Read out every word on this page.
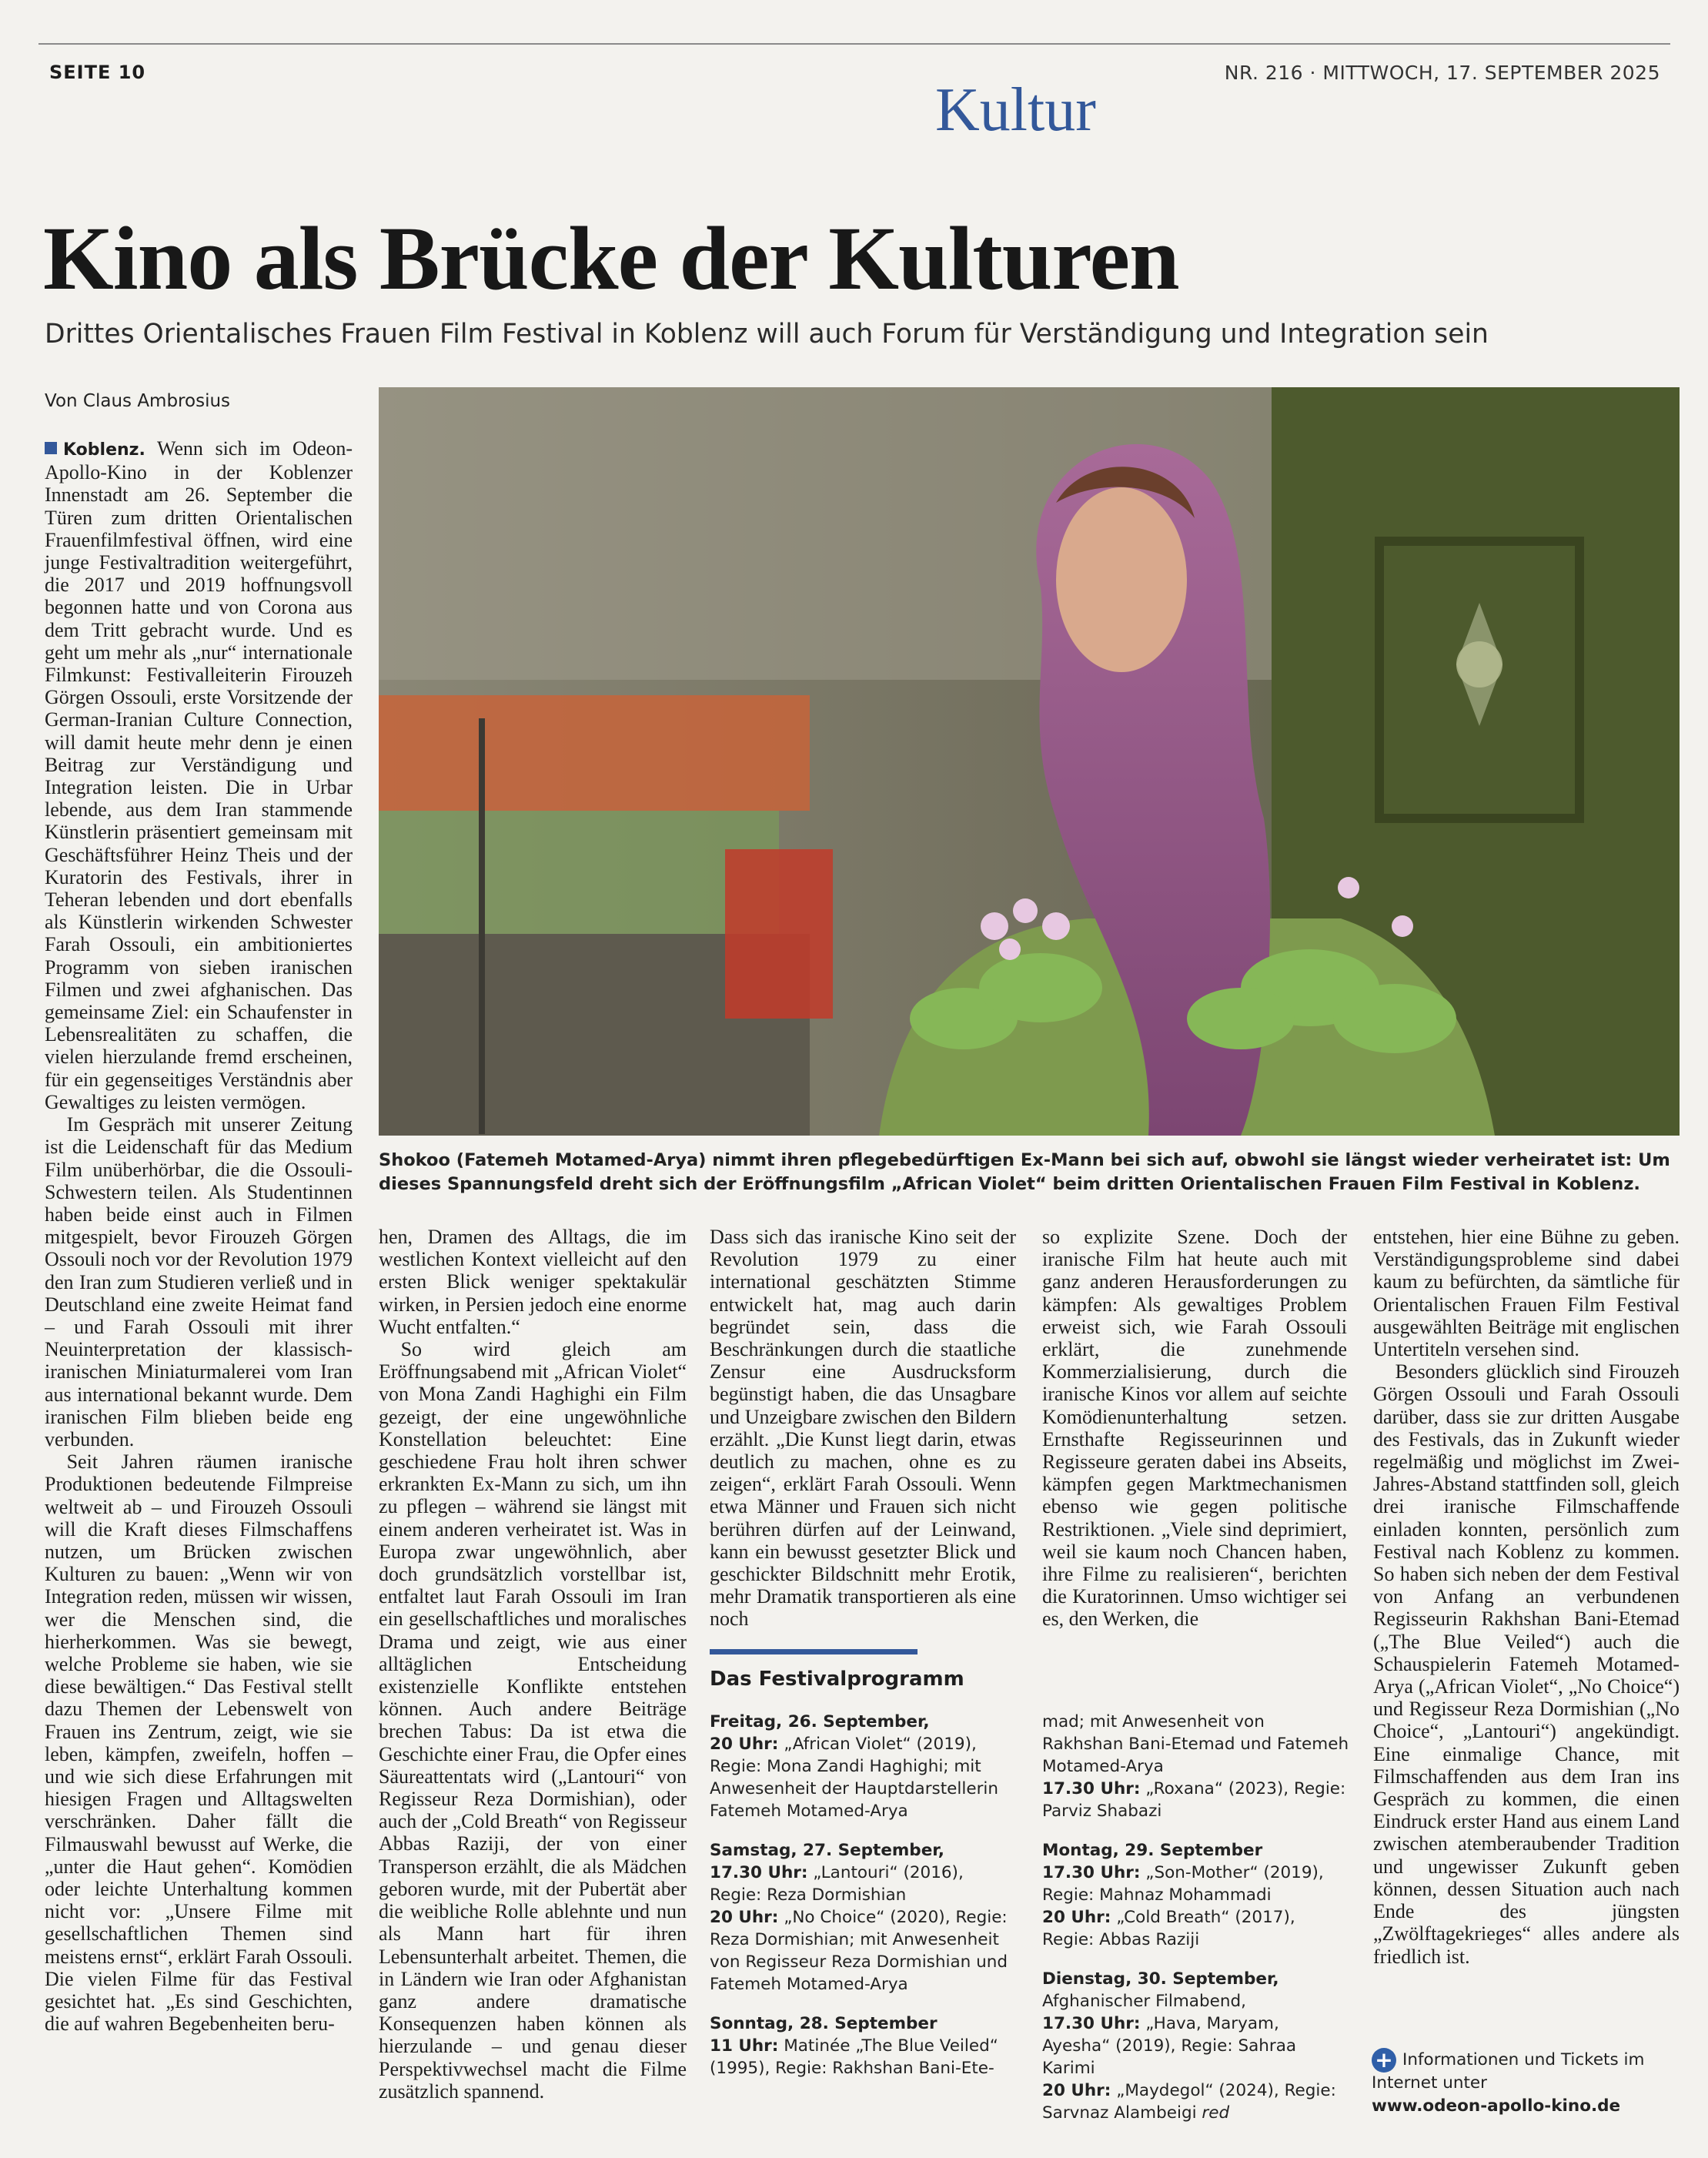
SEITE 10	NR. 216 · MITTWOCH, 17. SEPTEMBER 2025
Kultur
Kino als Brücke der Kulturen
Drittes Orientalisches Frauen Film Festival in Koblenz will auch Forum für Verständigung und Integration sein
Von Claus Ambrosius
Shokoo (Fatemeh Motamed-Arya) nimmt ihren pflegebedürftigen Ex-Mann bei sich auf, obwohl sie längst wieder verheiratet ist: Um dieses Spannungsfeld dreht sich der Eröffnungsfilm „African Violet“ beim dritten Orientalischen Frauen Film Festival in Koblenz.

Koblenz. Wenn sich im Odeon-Apollo-Kino in der Koblenzer Innenstadt am 26. September die Türen zum dritten Orientalischen Frauenfilmfestival öffnen, wird eine junge Festivaltradition weitergeführt, die 2017 und 2019 hoffnungsvoll begonnen hatte und von Corona aus dem Tritt gebracht wurde. Und es geht um mehr als „nur“ internationale Filmkunst: Festivalleiterin Firouzeh Görgen Ossouli, erste Vorsitzende der German-Iranian Culture Connection, will damit heute mehr denn je einen Beitrag zur Verständigung und Integration leisten. Die in Urbar lebende, aus dem Iran stammende Künstlerin präsentiert gemeinsam mit Geschäftsführer Heinz Theis und der Kuratorin des Festivals, ihrer in Teheran lebenden und dort ebenfalls als Künstlerin wirkenden Schwester Farah Ossouli, ein ambitioniertes Programm von sieben iranischen Filmen und zwei afghanischen. Das gemeinsame Ziel: ein Schaufenster in Lebensrealitäten zu schaffen, die vielen hierzulande fremd erscheinen, für ein gegenseitiges Verständnis aber Gewaltiges zu leisten vermögen.

Im Gespräch mit unserer Zeitung ist die Leidenschaft für das Medium Film unüberhörbar, die die Ossouli-Schwestern teilen. Als Studentinnen haben beide einst auch in Filmen mitgespielt, bevor Firouzeh Görgen Ossouli noch vor der Revolution 1979 den Iran zum Studieren verließ und in Deutschland eine zweite Heimat fand – und Farah Ossouli mit ihrer Neuinterpretation der klassisch-iranischen Miniaturmalerei vom Iran aus international bekannt wurde. Dem iranischen Film blieben beide eng verbunden.

Seit Jahren räumen iranische Produktionen bedeutende Filmpreise weltweit ab – und Firouzeh Ossouli will die Kraft dieses Filmschaffens nutzen, um Brücken zwischen Kulturen zu bauen: „Wenn wir von Integration reden, müssen wir wissen, wer die Menschen sind, die hierherkommen. Was sie bewegt, welche Probleme sie haben, wie sie diese bewältigen.“ Das Festival stellt dazu Themen der Lebenswelt von Frauen ins Zentrum, zeigt, wie sie leben, kämpfen, zweifeln, hoffen – und wie sich diese Erfahrungen mit hiesigen Fragen und Alltagswelten verschränken. Daher fällt die Filmauswahl bewusst auf Werke, die „unter die Haut gehen“. Komödien oder leichte Unterhaltung kommen nicht vor: „Unsere Filme mit gesellschaftlichen Themen sind meistens ernst“, erklärt Farah Ossouli. Die vielen Filme für das Festival gesichtet hat. „Es sind Geschichten, die auf wahren Begebenheiten beru-

hen, Dramen des Alltags, die im westlichen Kontext vielleicht auf den ersten Blick weniger spektakulär wirken, in Persien jedoch eine enorme Wucht entfalten.“

So wird gleich am Eröffnungsabend mit „African Violet“ von Mona Zandi Haghighi ein Film gezeigt, der eine ungewöhnliche Konstellation beleuchtet: Eine geschiedene Frau holt ihren schwer erkrankten Ex-Mann zu sich, um ihn zu pflegen – während sie längst mit einem anderen verheiratet ist. Was in Europa zwar ungewöhnlich, aber doch grundsätzlich vorstellbar ist, entfaltet laut Farah Ossouli im Iran ein gesellschaftliches und moralisches Drama und zeigt, wie aus einer alltäglichen Entscheidung existenzielle Konflikte entstehen können. Auch andere Beiträge brechen Tabus: Da ist etwa die Geschichte einer Frau, die Opfer eines Säureattentats wird („Lantouri“ von Regisseur Reza Dormishian), oder auch der „Cold Breath“ von Regisseur Abbas Raziji, der von einer Transperson erzählt, die als Mädchen geboren wurde, mit der Pubertät aber die weibliche Rolle ablehnte und nun als Mann hart für ihren Lebensunterhalt arbeitet. Themen, die in Ländern wie Iran oder Afghanistan ganz andere dramatische Konsequenzen haben können als hierzulande – und genau dieser Perspektivwechsel macht die Filme zusätzlich spannend.

Dass sich das iranische Kino seit der Revolution 1979 zu einer international geschätzten Stimme entwickelt hat, mag auch darin begründet sein, dass die Beschränkungen durch die staatliche Zensur eine Ausdrucksform begünstigt haben, die das Unsagbare und Unzeigbare zwischen den Bildern erzählt. „Die Kunst liegt darin, etwas deutlich zu machen, ohne es zu zeigen“, erklärt Farah Ossouli. Wenn etwa Männer und Frauen sich nicht berühren dürfen auf der Leinwand, kann ein bewusst gesetzter Blick und geschickter Bildschnitt mehr Erotik, mehr Dramatik transportieren als eine noch

so explizite Szene. Doch der iranische Film hat heute auch mit ganz anderen Herausforderungen zu kämpfen: Als gewaltiges Problem erweist sich, wie Farah Ossouli erklärt, die zunehmende Kommerzialisierung, durch die iranische Kinos vor allem auf seichte Komödienunterhaltung setzen. Ernsthafte Regisseurinnen und Regisseure geraten dabei ins Abseits, kämpfen gegen Marktmechanismen ebenso wie gegen politische Restriktionen. „Viele sind deprimiert, weil sie kaum noch Chancen haben, ihre Filme zu realisieren“, berichten die Kuratorinnen. Umso wichtiger sei es, den Werken, die

entstehen, hier eine Bühne zu geben. Verständigungsprobleme sind dabei kaum zu befürchten, da sämtliche für Orientalischen Frauen Film Festival ausgewählten Beiträge mit englischen Untertiteln versehen sind.

Besonders glücklich sind Firouzeh Görgen Ossouli und Farah Ossouli darüber, dass sie zur dritten Ausgabe des Festivals, das in Zukunft wieder regelmäßig und möglichst im Zwei-Jahres-Abstand stattfinden soll, gleich drei iranische Filmschaffende einladen konnten, persönlich zum Festival nach Koblenz zu kommen. So haben sich neben der dem Festival von Anfang an verbundenen Regisseurin Rakhshan Bani-Etemad („The Blue Veiled“) auch die Schauspielerin Fatemeh Motamed-Arya („African Violet“, „No Choice“) und Regisseur Reza Dormishian („No Choice“, „Lantouri“) angekündigt. Eine einmalige Chance, mit Filmschaffenden aus dem Iran ins Gespräch zu kommen, die einen Eindruck erster Hand aus einem Land zwischen atemberaubender Tradition und ungewisser Zukunft geben können, dessen Situation auch nach Ende des jüngsten „Zwölftagekrieges“ alles andere als friedlich ist.

Das Festivalprogramm
Freitag, 26. September,
20 Uhr: „African Violet“ (2019), Regie: Mona Zandi Haghighi; mit Anwesenheit der Hauptdarstellerin Fatemeh Motamed-Arya
Samstag, 27. September,
17.30 Uhr: „Lantouri“ (2016), Regie: Reza Dormishian
20 Uhr: „No Choice“ (2020), Regie: Reza Dormishian; mit Anwesenheit von Regisseur Reza Dormishian und Fatemeh Motamed-Arya
Sonntag, 28. September
11 Uhr: Matinée „The Blue Veiled“ (1995), Regie: Rakhshan Bani-Ete-
mad; mit Anwesenheit von Rakhshan Bani-Etemad und Fatemeh Motamed-Arya
17.30 Uhr: „Roxana“ (2023), Regie: Parviz Shabazi
Montag, 29. September
17.30 Uhr: „Son-Mother“ (2019), Regie: Mahnaz Mohammadi
20 Uhr: „Cold Breath“ (2017), Regie: Abbas Raziji
Dienstag, 30. September,
Afghanischer Filmabend,
17.30 Uhr: „Hava, Maryam, Ayesha“ (2019), Regie: Sahraa Karimi
20 Uhr: „Maydegol“ (2024), Regie: Sarvnaz Alambeigi red
+ Informationen und Tickets im Internet unter
www.odeon-apollo-kino.de
